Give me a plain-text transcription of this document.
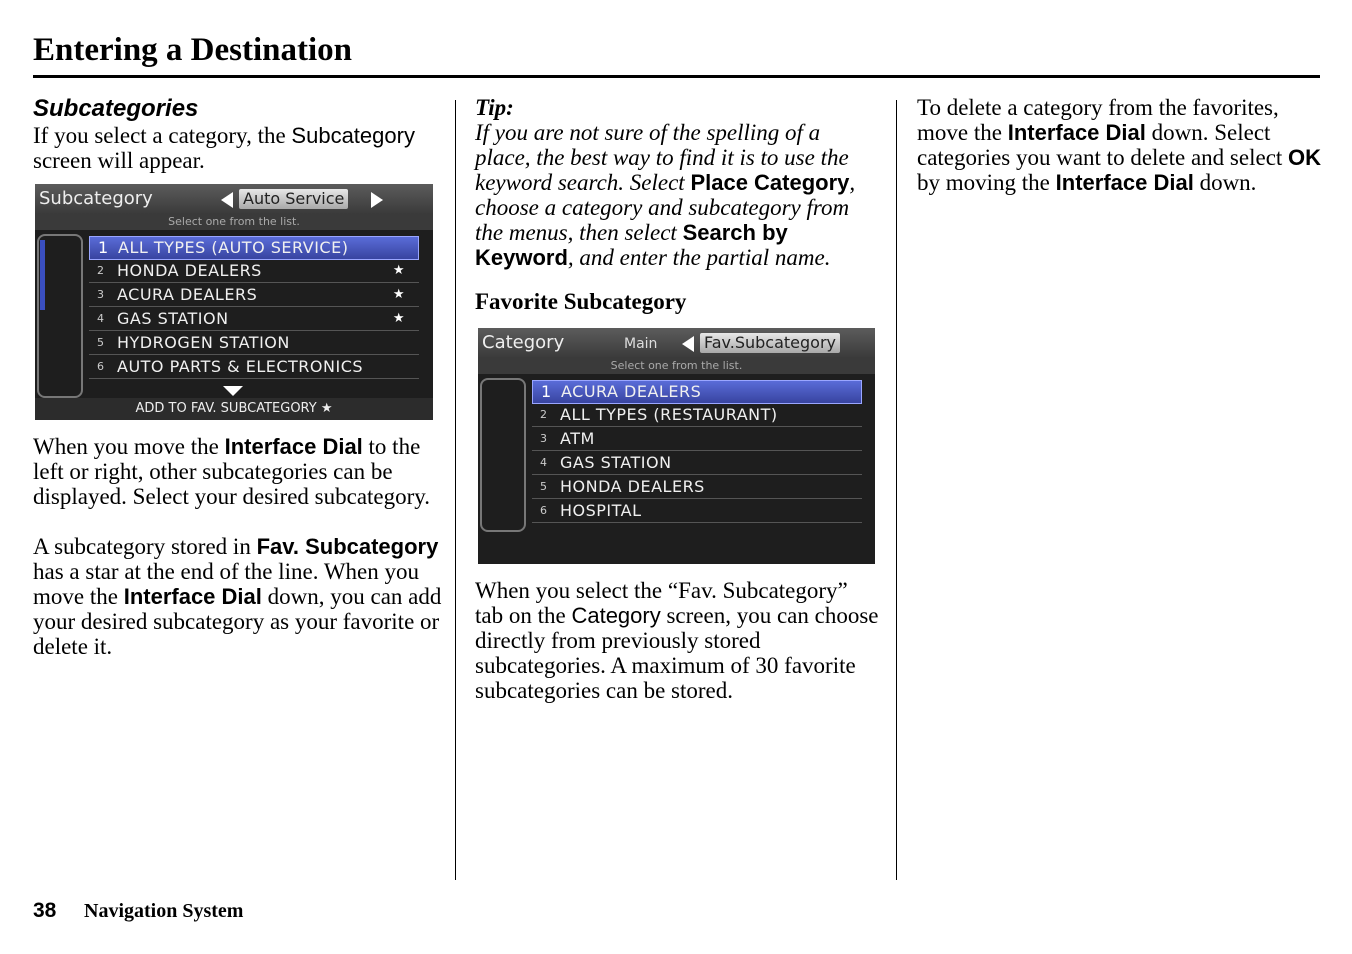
Entering a Destination
Subcategories

If you select a category, the Subcategory screen will appear.

Subcategory	Auto Service
Select one from the list.
1 ALL TYPES (AUTO SERVICE)
2 HONDA DEALERS	★
3 ACURA DEALERS	★
4 GAS STATION	★
5 HYDROGEN STATION
6 AUTO PARTS & ELECTRONICS
ADD TO FAV. SUBCATEGORY ★

When you move the Interface Dial to the left or right, other subcategories can be displayed. Select your desired subcategory.

A subcategory stored in Fav. Subcategory has a star at the end of the line. When you move the Interface Dial down, you can add your desired subcategory as your favorite or delete it.

Tip:

If you are not sure of the spelling of a place, the best way to find it is to use the keyword search. Select Place Category, choose a category and subcategory from the menus, then select Search by Keyword, and enter the partial name.

Favorite Subcategory

Category	Main	Fav.Subcategory
Select one from the list.
1 ACURA DEALERS
2 ALL TYPES (RESTAURANT)
3 ATM
4 GAS STATION
5 HONDA DEALERS
6 HOSPITAL

When you select the “Fav. Subcategory” tab on the Category screen, you can choose directly from previously stored subcategories. A maximum of 30 favorite subcategories can be stored.

To delete a category from the favorites, move the Interface Dial down. Select categories you want to delete and select OK by moving the Interface Dial down.

38 Navigation System
